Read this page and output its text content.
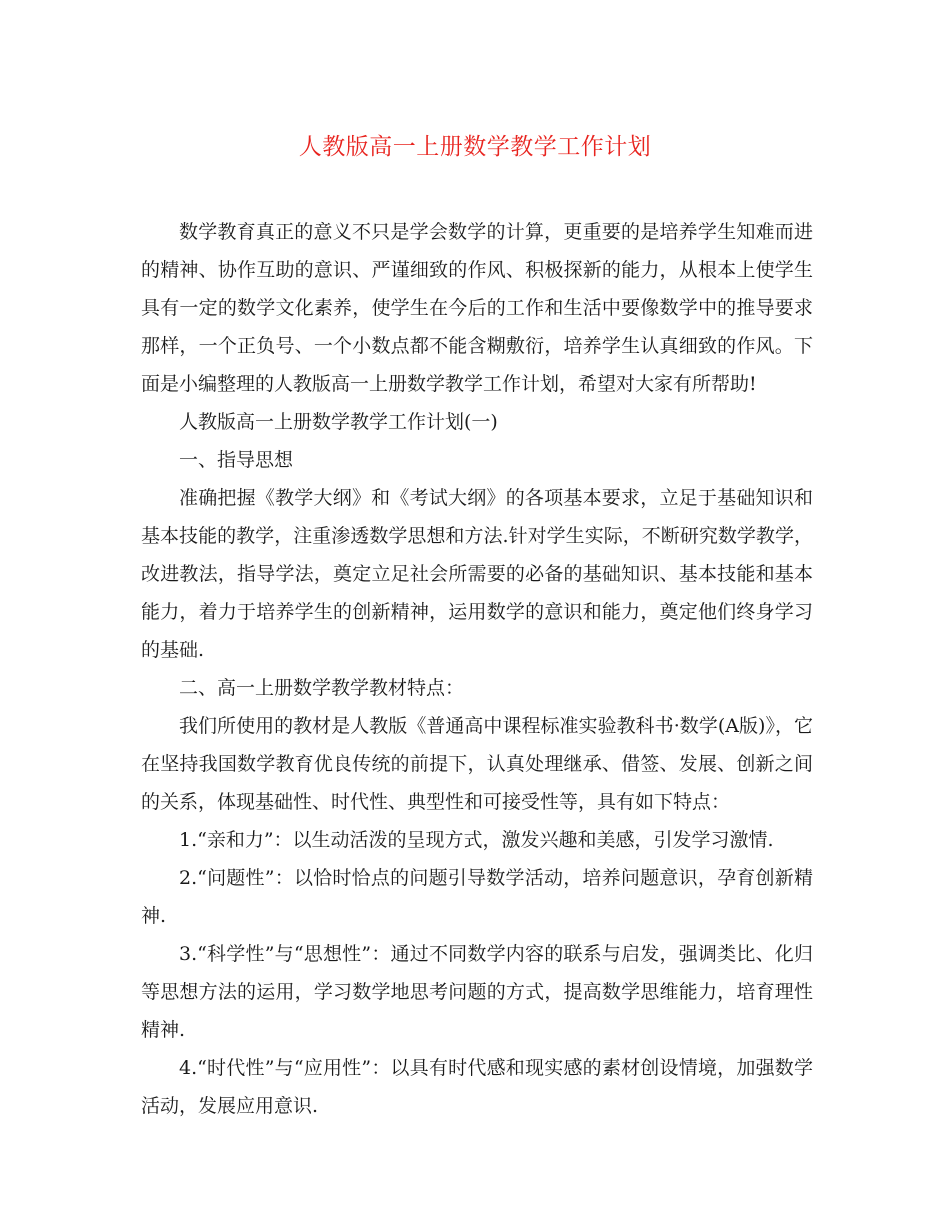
人教版高一上册数学教学工作计划

数学教育真正的意义不只是学会数学的计算，更重要的是培养学生知难而进的精神、协作互助的意识、严谨细致的作风、积极探新的能力，从根本上使学生具有一定的数学文化素养，使学生在今后的工作和生活中要像数学中的推导要求那样，一个正负号、一个小数点都不能含糊敷衍，培养学生认真细致的作风。下面是小编整理的人教版高一上册数学教学工作计划，希望对大家有所帮助!

人教版高一上册数学教学工作计划(一)

一、指导思想

准确把握《教学大纲》和《考试大纲》的各项基本要求，立足于基础知识和基本技能的教学，注重渗透数学思想和方法.针对学生实际，不断研究数学教学，改进教法，指导学法，奠定立足社会所需要的必备的基础知识、基本技能和基本能力，着力于培养学生的创新精神，运用数学的意识和能力，奠定他们终身学习的基础.

二、高一上册数学教学教材特点：

我们所使用的教材是人教版《普通高中课程标准实验教科书·数学(A版)》，它在坚持我国数学教育优良传统的前提下，认真处理继承、借签、发展、创新之间的关系，体现基础性、时代性、典型性和可接受性等，具有如下特点：

1.“亲和力”：以生动活泼的呈现方式，激发兴趣和美感，引发学习激情.

2.“问题性”：以恰时恰点的问题引导数学活动，培养问题意识，孕育创新精神.

3.“科学性”与“思想性”：通过不同数学内容的联系与启发，强调类比、化归等思想方法的运用，学习数学地思考问题的方式，提高数学思维能力，培育理性精神.

4.“时代性”与“应用性”：以具有时代感和现实感的素材创设情境，加强数学活动，发展应用意识.
